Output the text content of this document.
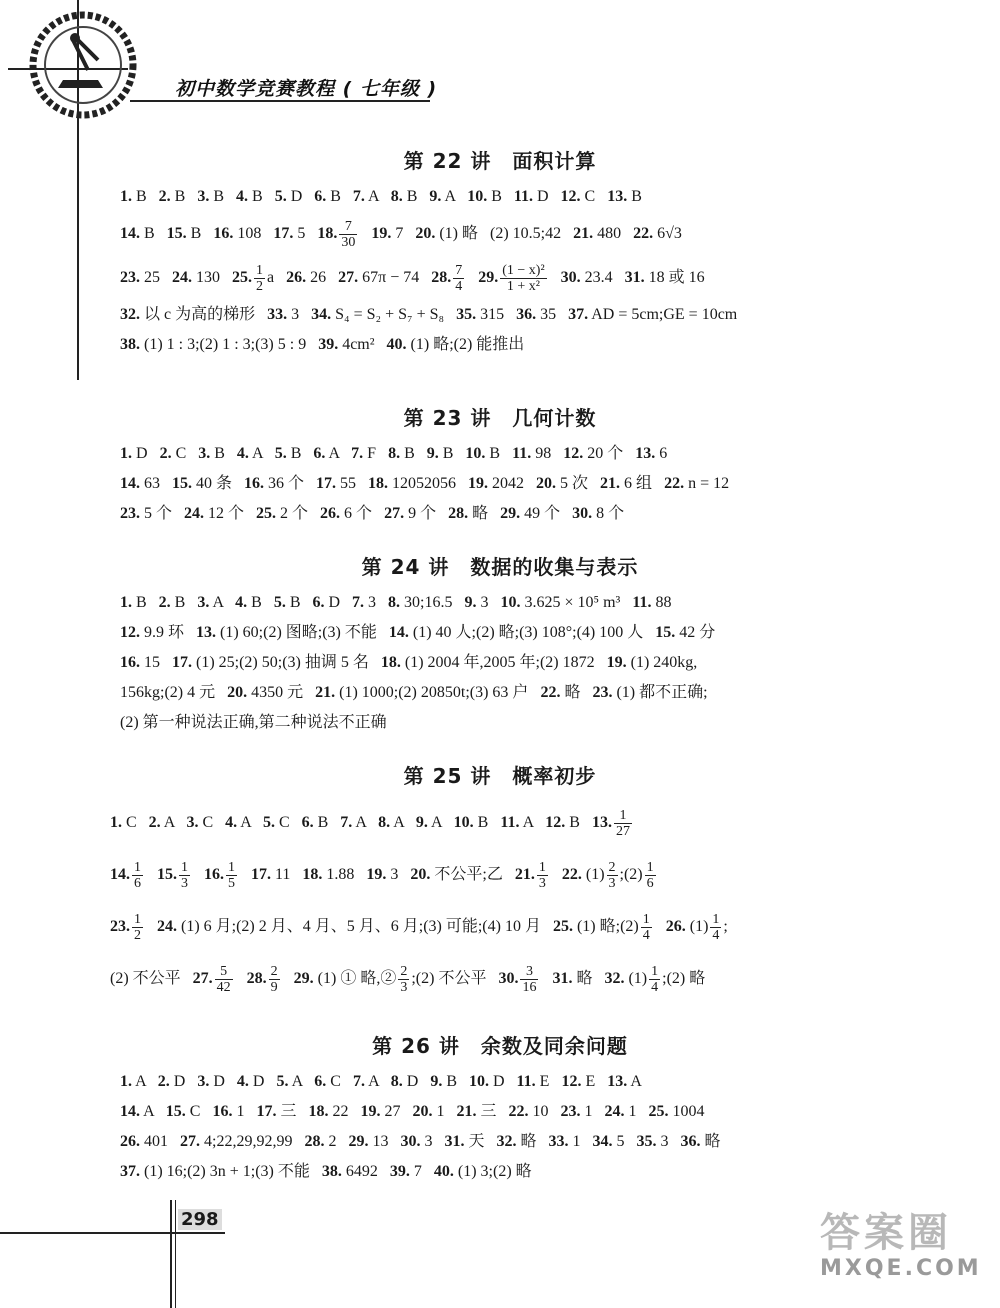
初中数学竞赛教程 ( 七年级 )
第 22 讲　面积计算
1. B   2. B   3. B   4. B   5. D   6. B   7. A   8. B   9. A   10. B   11. D   12. C   13. B
14. B   15. B   16. 108   17. 5   18. $\frac{7}{30} 19$. 7   20. (1) 略   (2) 10.5;42   21. 480   22. 6√3
23. 25   24. 130   25. $\frac{1}{2}$ a   26. 26   27. 67π − 74   28. $\frac{7}{4} 29$. $\frac{\text{(1 − x)²}}{\text{1 + x²}} 30$. 23.4   31. 18 或 16
32. 以 c 为高的梯形   33. 3   34. S₄ = S₂ + S₇ + S₈   35. 315   36. 35   37. AD = 5cm;GE = 10cm
38. (1) 1 : 3;(2) 1 : 3;(3) 5 : 9   39. 4cm²   40. (1) 略;(2) 能推出
第 23 讲　几何计数
1. D   2. C   3. B   4. A   5. B   6. A   7. F   8. B   9. B   10. B   11. 98   12. 20 个   13. 6
14. 63   15. 40 条   16. 36 个   17. 55   18. 12052056   19. 2042   20. 5 次   21. 6 组   22. n = 12
23. 5 个   24. 12 个   25. 2 个   26. 6 个   27. 9 个   28. 略   29. 49 个   30. 8 个
第 24 讲　数据的收集与表示
1. B   2. B   3. A   4. B   5. B   6. D   7. 3   8. 30;16.5   9. 3   10. 3.625 × 10⁵ m³   11. 88
12. 9.9 环   13. (1) 60;(2) 图略;(3) 不能   14. (1) 40 人;(2) 略;(3) 108°;(4) 100 人   15. 42 分
16. 15   17. (1) 25;(2) 50;(3) 抽调 5 名   18. (1) 2004 年,2005 年;(2) 1872   19. (1) 240kg,
156kg;(2) 4 元   20. 4350 元   21. (1) 1000;(2) 20850t;(3) 63 户   22. 略   23. (1) 都不正确;
(2) 第一种说法正确,第二种说法不正确
第 25 讲　概率初步
1. C   2. A   3. C   4. A   5. C   6. B   7. A   8. A   9. A   10. B   11. A   12. B   13. $\frac{1}{27}$
14. $\frac{1}{6} 15$. $\frac{1}{3} 16$. $\frac{1}{5} 17$. 11   18. 1.88   19. 3   20. 不公平;乙   21. $\frac{1}{3} 22$. $(1) \frac{2}{3}$ ;(2) $\frac{1}{6}$
23. $\frac{1}{2} 24$. (1) 6 月;(2) 2 月、4 月、5 月、6 月;(3) 可能;(4) 10 月   25. (1) 略;(2) $\frac{1}{4} 26$. $(1) \frac{1}{4}$ ;
(2) 不公平   27. $\frac{5}{42} 28$. $\frac{2}{9} 29$. (1) ① 略,② $\frac{2}{3}$ ;(2) 不公平   30. $\frac{3}{16} 31$. 略   32. $(1) \frac{1}{4}$ ;(2) 略
第 26 讲　余数及同余问题
1. A   2. D   3. D   4. D   5. A   6. C   7. A   8. D   9. B   10. D   11. E   12. E   13. A
14. A   15. C   16. 1   17. 三   18. 22   19. 27   20. 1   21. 三   22. 10   23. 1   24. 1   25. 1004
26. 401   27. 4;22,29,92,99   28. 2   29. 13   30. 3   31. 天   32. 略   33. 1   34. 5   35. 3   36. 略
37. (1) 16;(2) 3n + 1;(3) 不能   38. 6492   39. 7   40. (1) 3;(2) 略
298	答案圈
MXQE.COM
